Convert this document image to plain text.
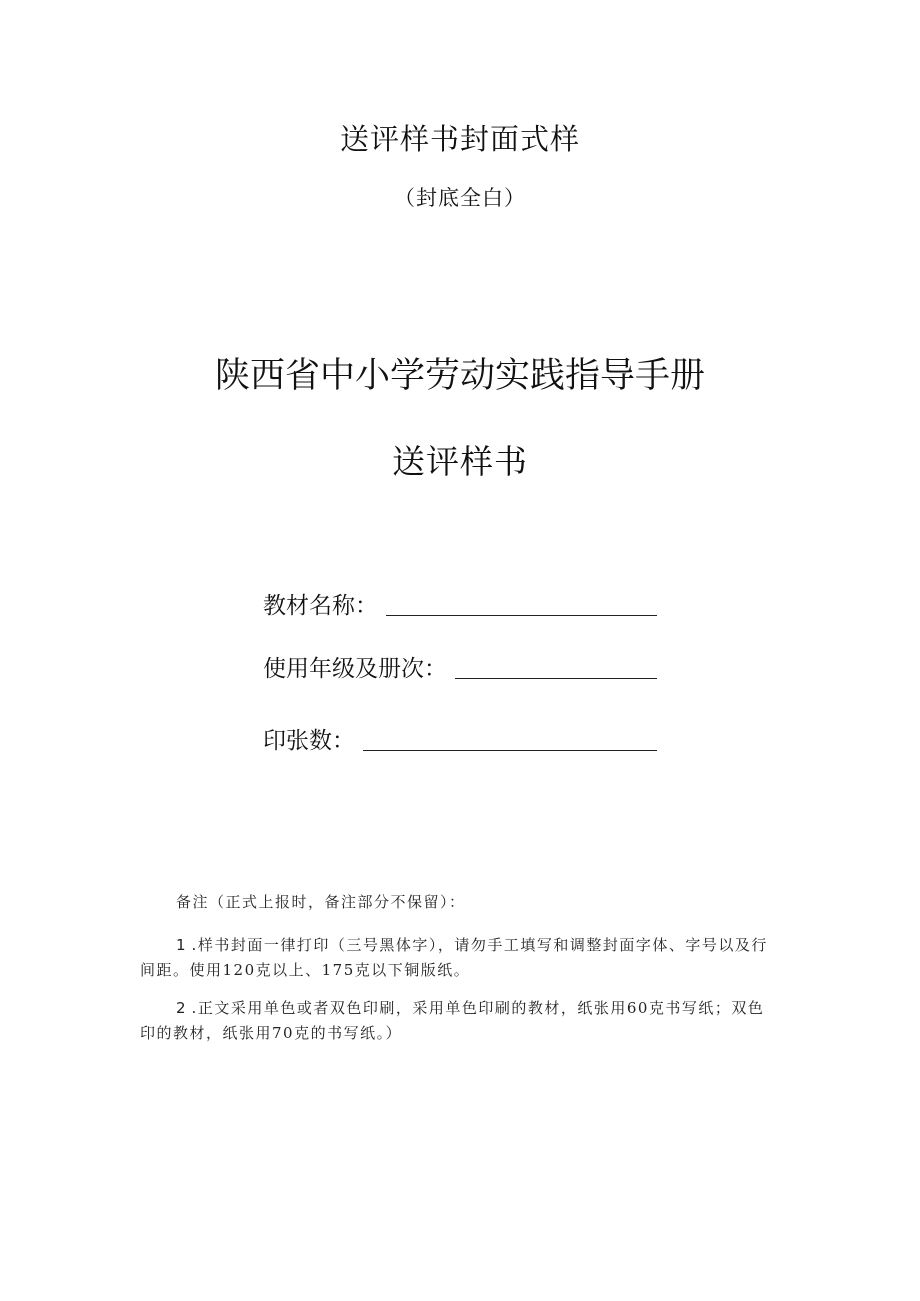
送评样书封面式样
（封底全白）
陕西省中小学劳动实践指导手册
送评样书
教材名称：
使用年级及册次：
印张数：
备注（正式上报时，备注部分不保留）：
1 .样书封面一律打印（三号黑体字），请勿手工填写和调整封面字体、字号以及行间距。使用120克以上、175克以下铜版纸。
2 .正文采用单色或者双色印刷，采用单色印刷的教材，纸张用60克书写纸；双色印的教材，纸张用70克的书写纸。）
